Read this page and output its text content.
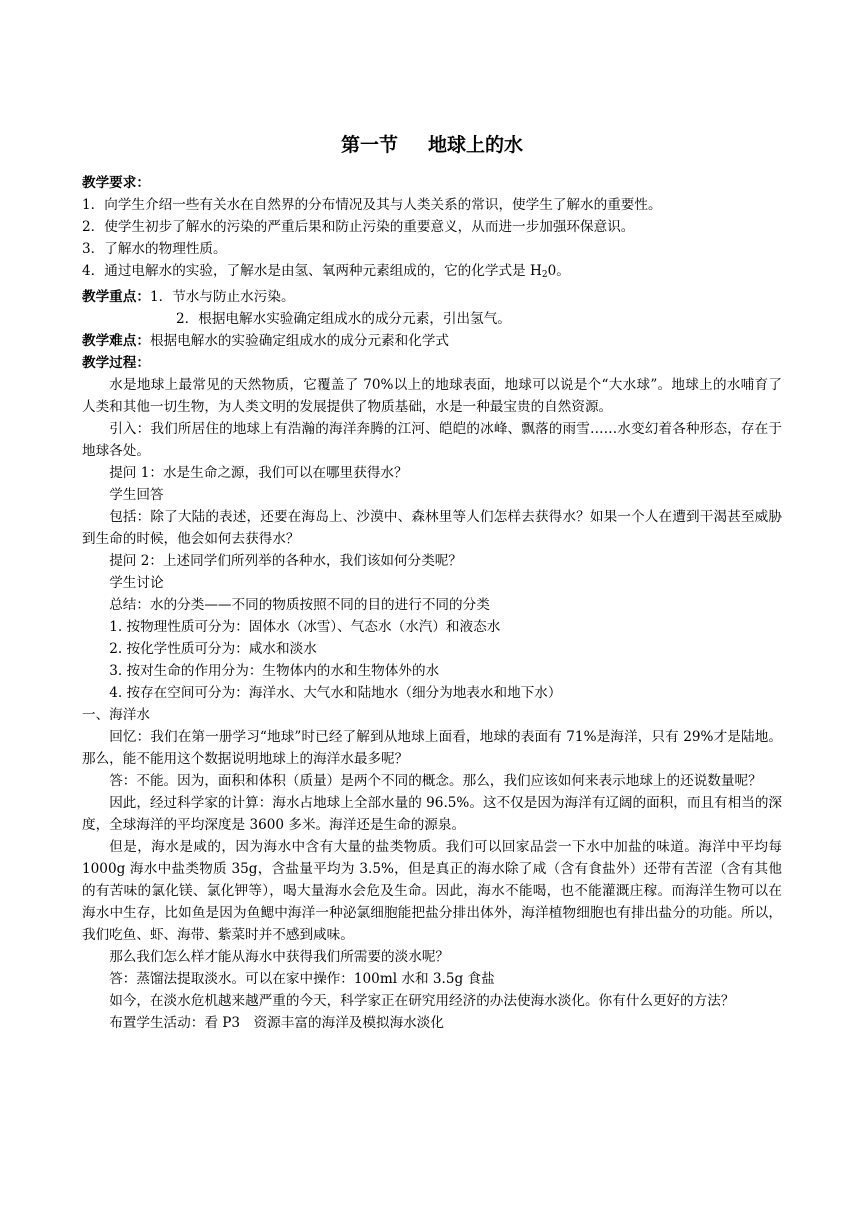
第一节 地球上的水

教学要求：

1．向学生介绍一些有关水在自然界的分布情况及其与人类关系的常识，使学生了解水的重要性。

2．使学生初步了解水的污染的严重后果和防止污染的重要意义，从而进一步加强环保意识。

3．了解水的物理性质。

4．通过电解水的实验，了解水是由氢、氧两种元素组成的，它的化学式是 $H_20$。

教学重点：1．节水与防止水污染。

2．根据电解水实验确定组成水的成分元素，引出氢气。

教学难点：根据电解水的实验确定组成水的成分元素和化学式

教学过程：

水是地球上最常见的天然物质，它覆盖了 70%以上的地球表面，地球可以说是个“大水球”。地球上的水哺育了人类和其他一切生物，为人类文明的发展提供了物质基础，水是一种最宝贵的自然资源。

引入：我们所居住的地球上有浩瀚的海洋奔腾的江河、皑皑的冰峰、飘落的雨雪……水变幻着各种形态，存在于地球各处。

提问 1：水是生命之源，我们可以在哪里获得水？

学生回答

包括：除了大陆的表述，还要在海岛上、沙漠中、森林里等人们怎样去获得水？如果一个人在遭到干渴甚至威胁到生命的时候，他会如何去获得水？

提问 2：上述同学们所列举的各种水，我们该如何分类呢？

学生讨论

总结：水的分类——不同的物质按照不同的目的进行不同的分类

1. 按物理性质可分为：固体水（冰雪）、气态水（水汽）和液态水

2. 按化学性质可分为：咸水和淡水

3. 按对生命的作用分为：生物体内的水和生物体外的水

4. 按存在空间可分为：海洋水、大气水和陆地水（细分为地表水和地下水）

一、海洋水

回忆：我们在第一册学习“地球”时已经了解到从地球上面看，地球的表面有 71%是海洋，只有 29%才是陆地。那么，能不能用这个数据说明地球上的海洋水最多呢？

答：不能。因为，面积和体积（质量）是两个不同的概念。那么，我们应该如何来表示地球上的还说数量呢？

因此，经过科学家的计算：海水占地球上全部水量的 96.5%。这不仅是因为海洋有辽阔的面积，而且有相当的深度，全球海洋的平均深度是 3600 多米。海洋还是生命的源泉。

但是，海水是咸的，因为海水中含有大量的盐类物质。我们可以回家品尝一下水中加盐的味道。海洋中平均每 1000g 海水中盐类物质 35g，含盐量平均为 3.5%，但是真正的海水除了咸（含有食盐外）还带有苦涩（含有其他的有苦味的氯化镁、氯化钾等），喝大量海水会危及生命。因此，海水不能喝，也不能灌溉庄稼。而海洋生物可以在海水中生存，比如鱼是因为鱼鳃中海洋一种泌氯细胞能把盐分排出体外，海洋植物细胞也有排出盐分的功能。所以，我们吃鱼、虾、海带、紫菜时并不感到咸味。

那么我们怎么样才能从海水中获得我们所需要的淡水呢？

答：蒸馏法提取淡水。可以在家中操作：100ml 水和 3.5g 食盐

如今，在淡水危机越来越严重的今天，科学家正在研究用经济的办法使海水淡化。你有什么更好的方法？

布置学生活动：看 P3　资源丰富的海洋及模拟海水淡化
